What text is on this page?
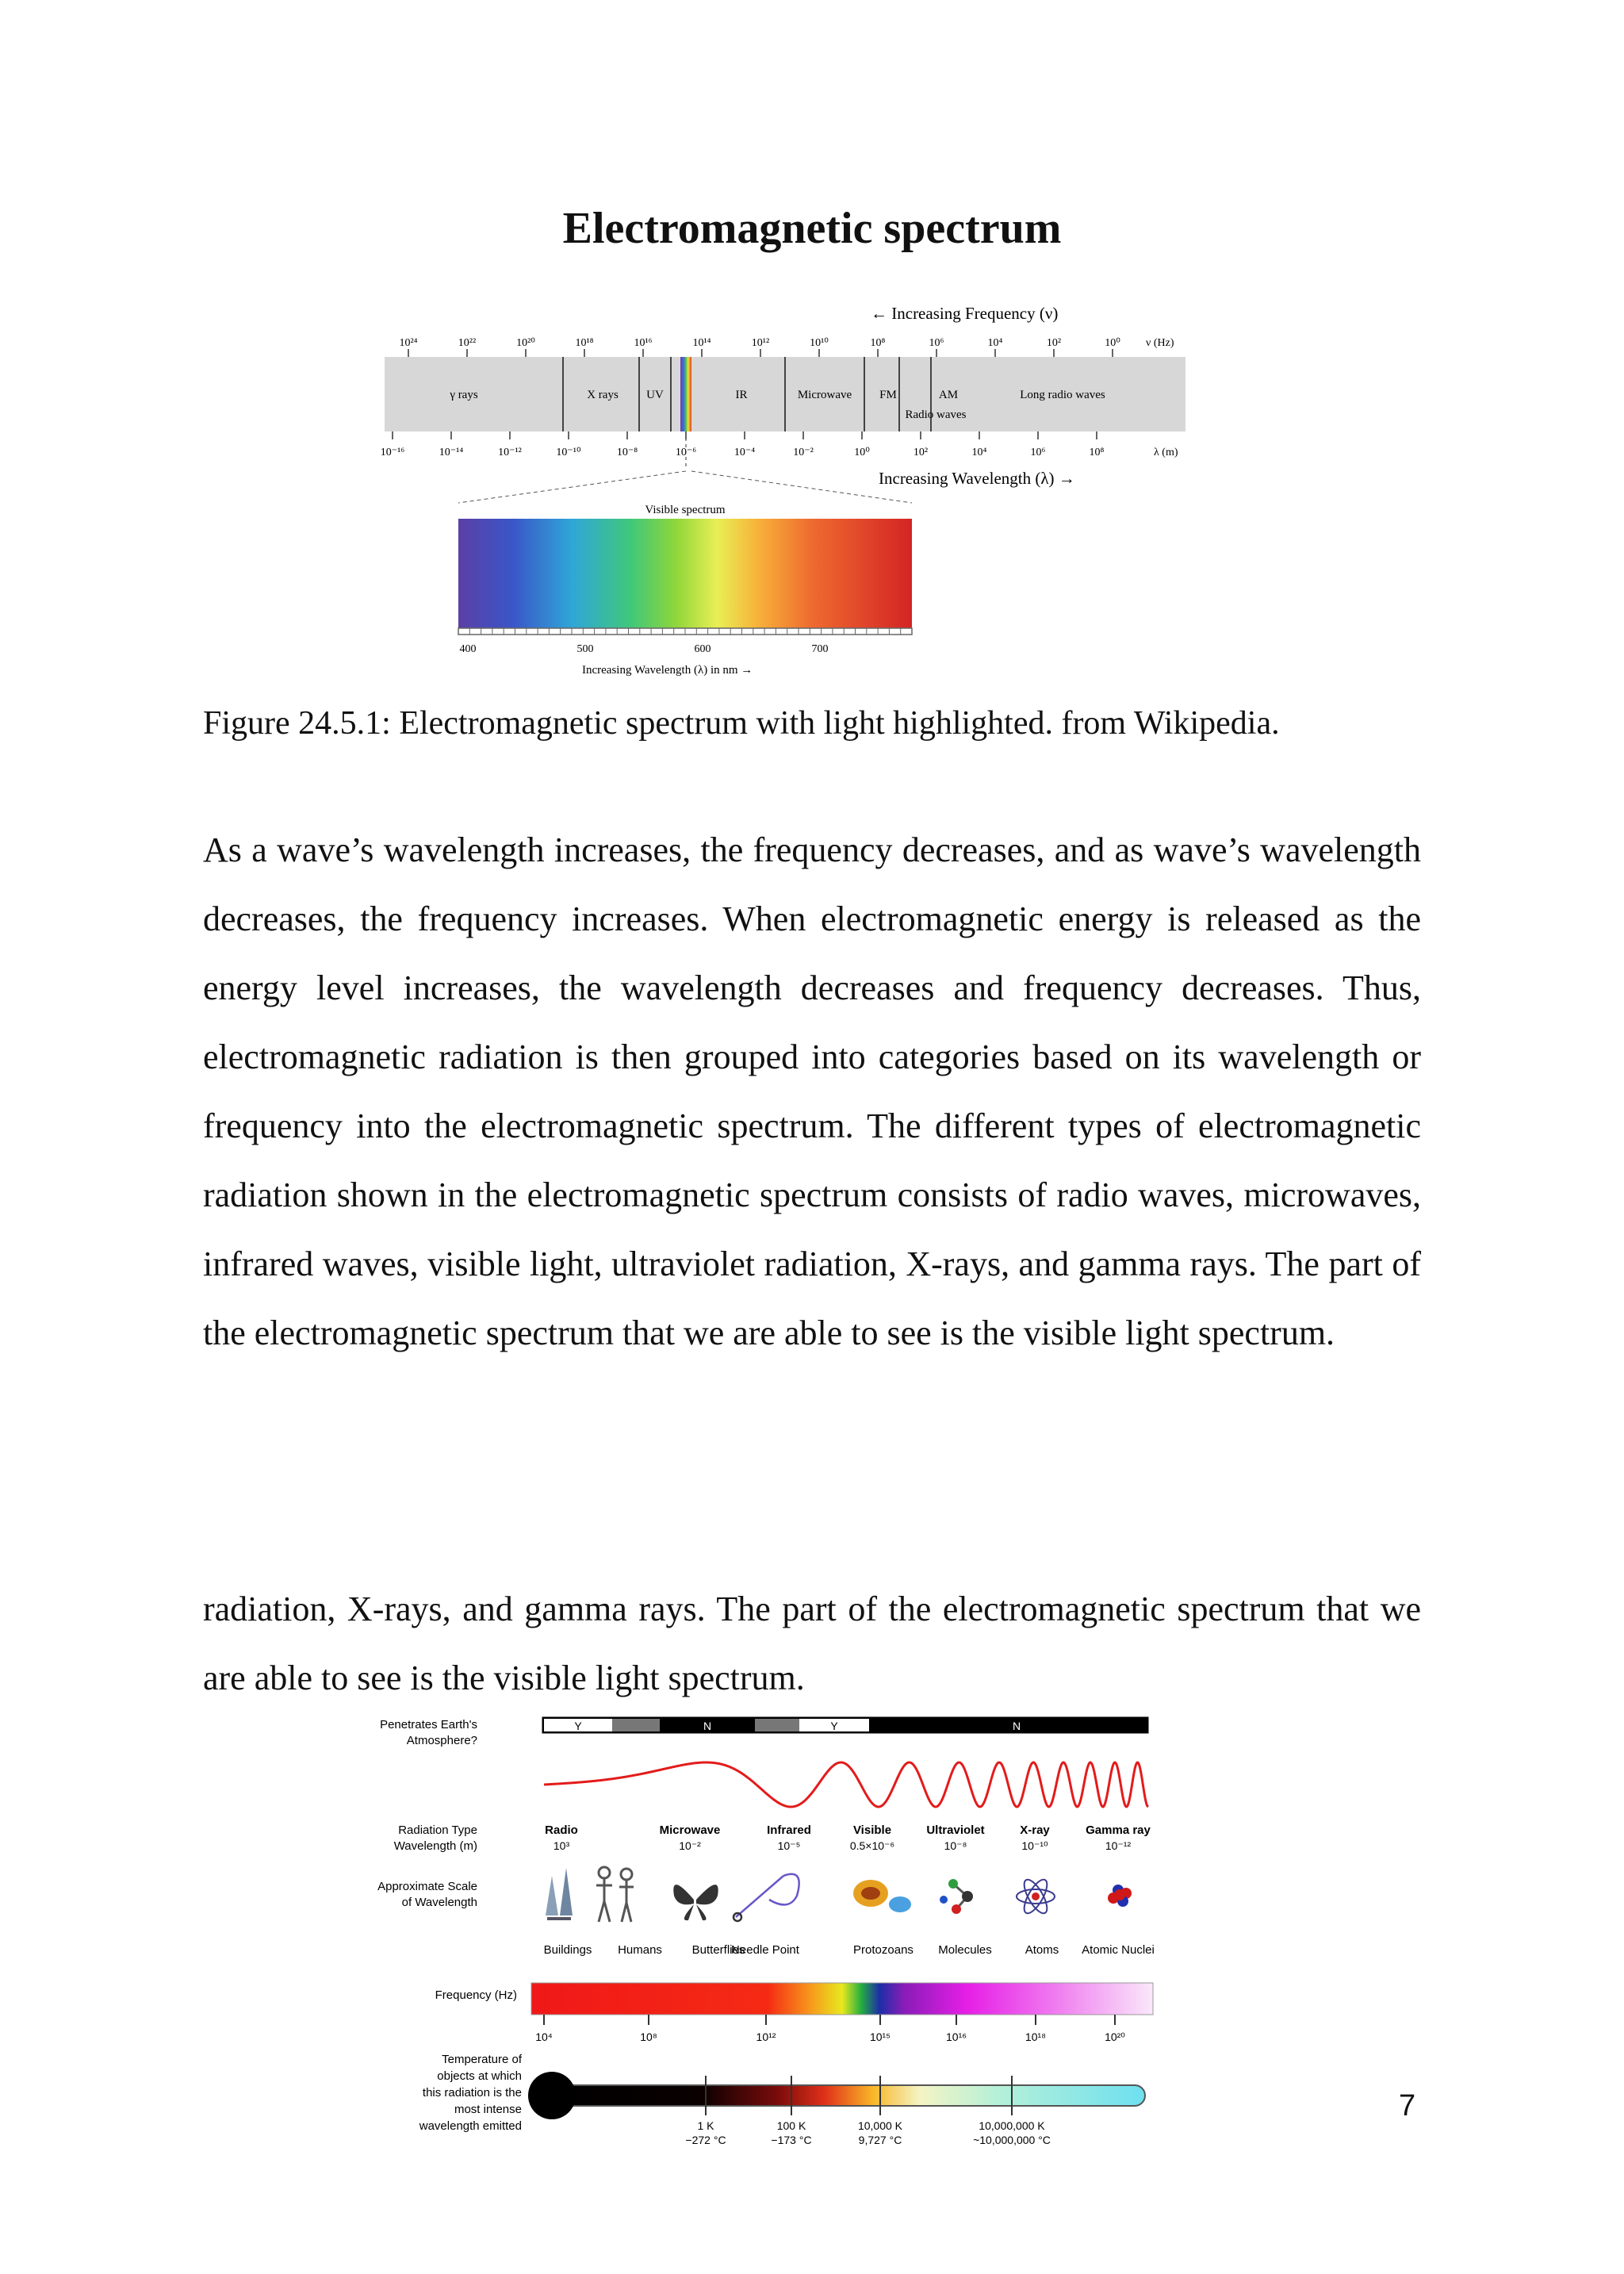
Electromagnetic spectrum
← Increasing Frequency (ν)
10²⁴	10²²	10²⁰	10¹⁸	10¹⁶	10¹⁴	10¹²	10¹⁰	10⁸	10⁶	10⁴	10²	10⁰ ν (Hz)
γ rays	X rays UV	IR	Microwave FM	AM	Long radio waves
Radio waves
10⁻¹⁶	10⁻¹⁴	10⁻¹²	10⁻¹⁰	10⁻⁸	10⁻⁶	10⁻⁴	10⁻²	10⁰	10²	10⁴	10⁶	10⁸	λ (m)
Increasing Wavelength (λ) →
Visible spectrum
400	500	600	700
Increasing Wavelength (λ) in nm →
Figure 24.5.1: Electromagnetic spectrum with light highlighted. from Wikipedia.

As a wave’s wavelength increases, the frequency decreases, and as wave’s wavelength decreases, the frequency increases. When electromagnetic energy is released as the energy level increases, the wavelength decreases and frequency decreases. Thus, electromagnetic radiation is then grouped into categories based on its wavelength or frequency into the electromagnetic spectrum. The different types of electromagnetic radiation shown in the electromagnetic spectrum consists of radio waves, microwaves, infrared waves, visible light, ultraviolet radiation, X-rays, and gamma rays. The part of the electromagnetic spectrum that we are able to see is the visible light spectrum.

radiation, X-rays, and gamma rays. The part of the electromagnetic spectrum that we are able to see is the visible light spectrum.

Penetrates Earth's
Atmosphere?
Y	N	Y	N
Radiation Type
Wavelength (m)
Radio	Microwave	Infrared	Visible	Ultraviolet	X-ray	Gamma ray
10³	10⁻²	10⁻⁵	0.5×10⁻⁶	10⁻⁸	10⁻¹⁰	10⁻¹²
Approximate Scale
of Wavelength
Buildings Humans	Butterflies
Needle Point	Protozoans Molecules	Atoms Atomic Nuclei
Frequency (Hz)
10⁴	10⁸	10¹²	10¹⁵	10¹⁶	10¹⁸	10²⁰
Temperature of
objects at which
this radiation is the
most intense
wavelength emitted	1 K
−272 °C
100 K
−173 °C
10,000 K
9,727 °C
10,000,000 K
~10,000,000 °C
7
